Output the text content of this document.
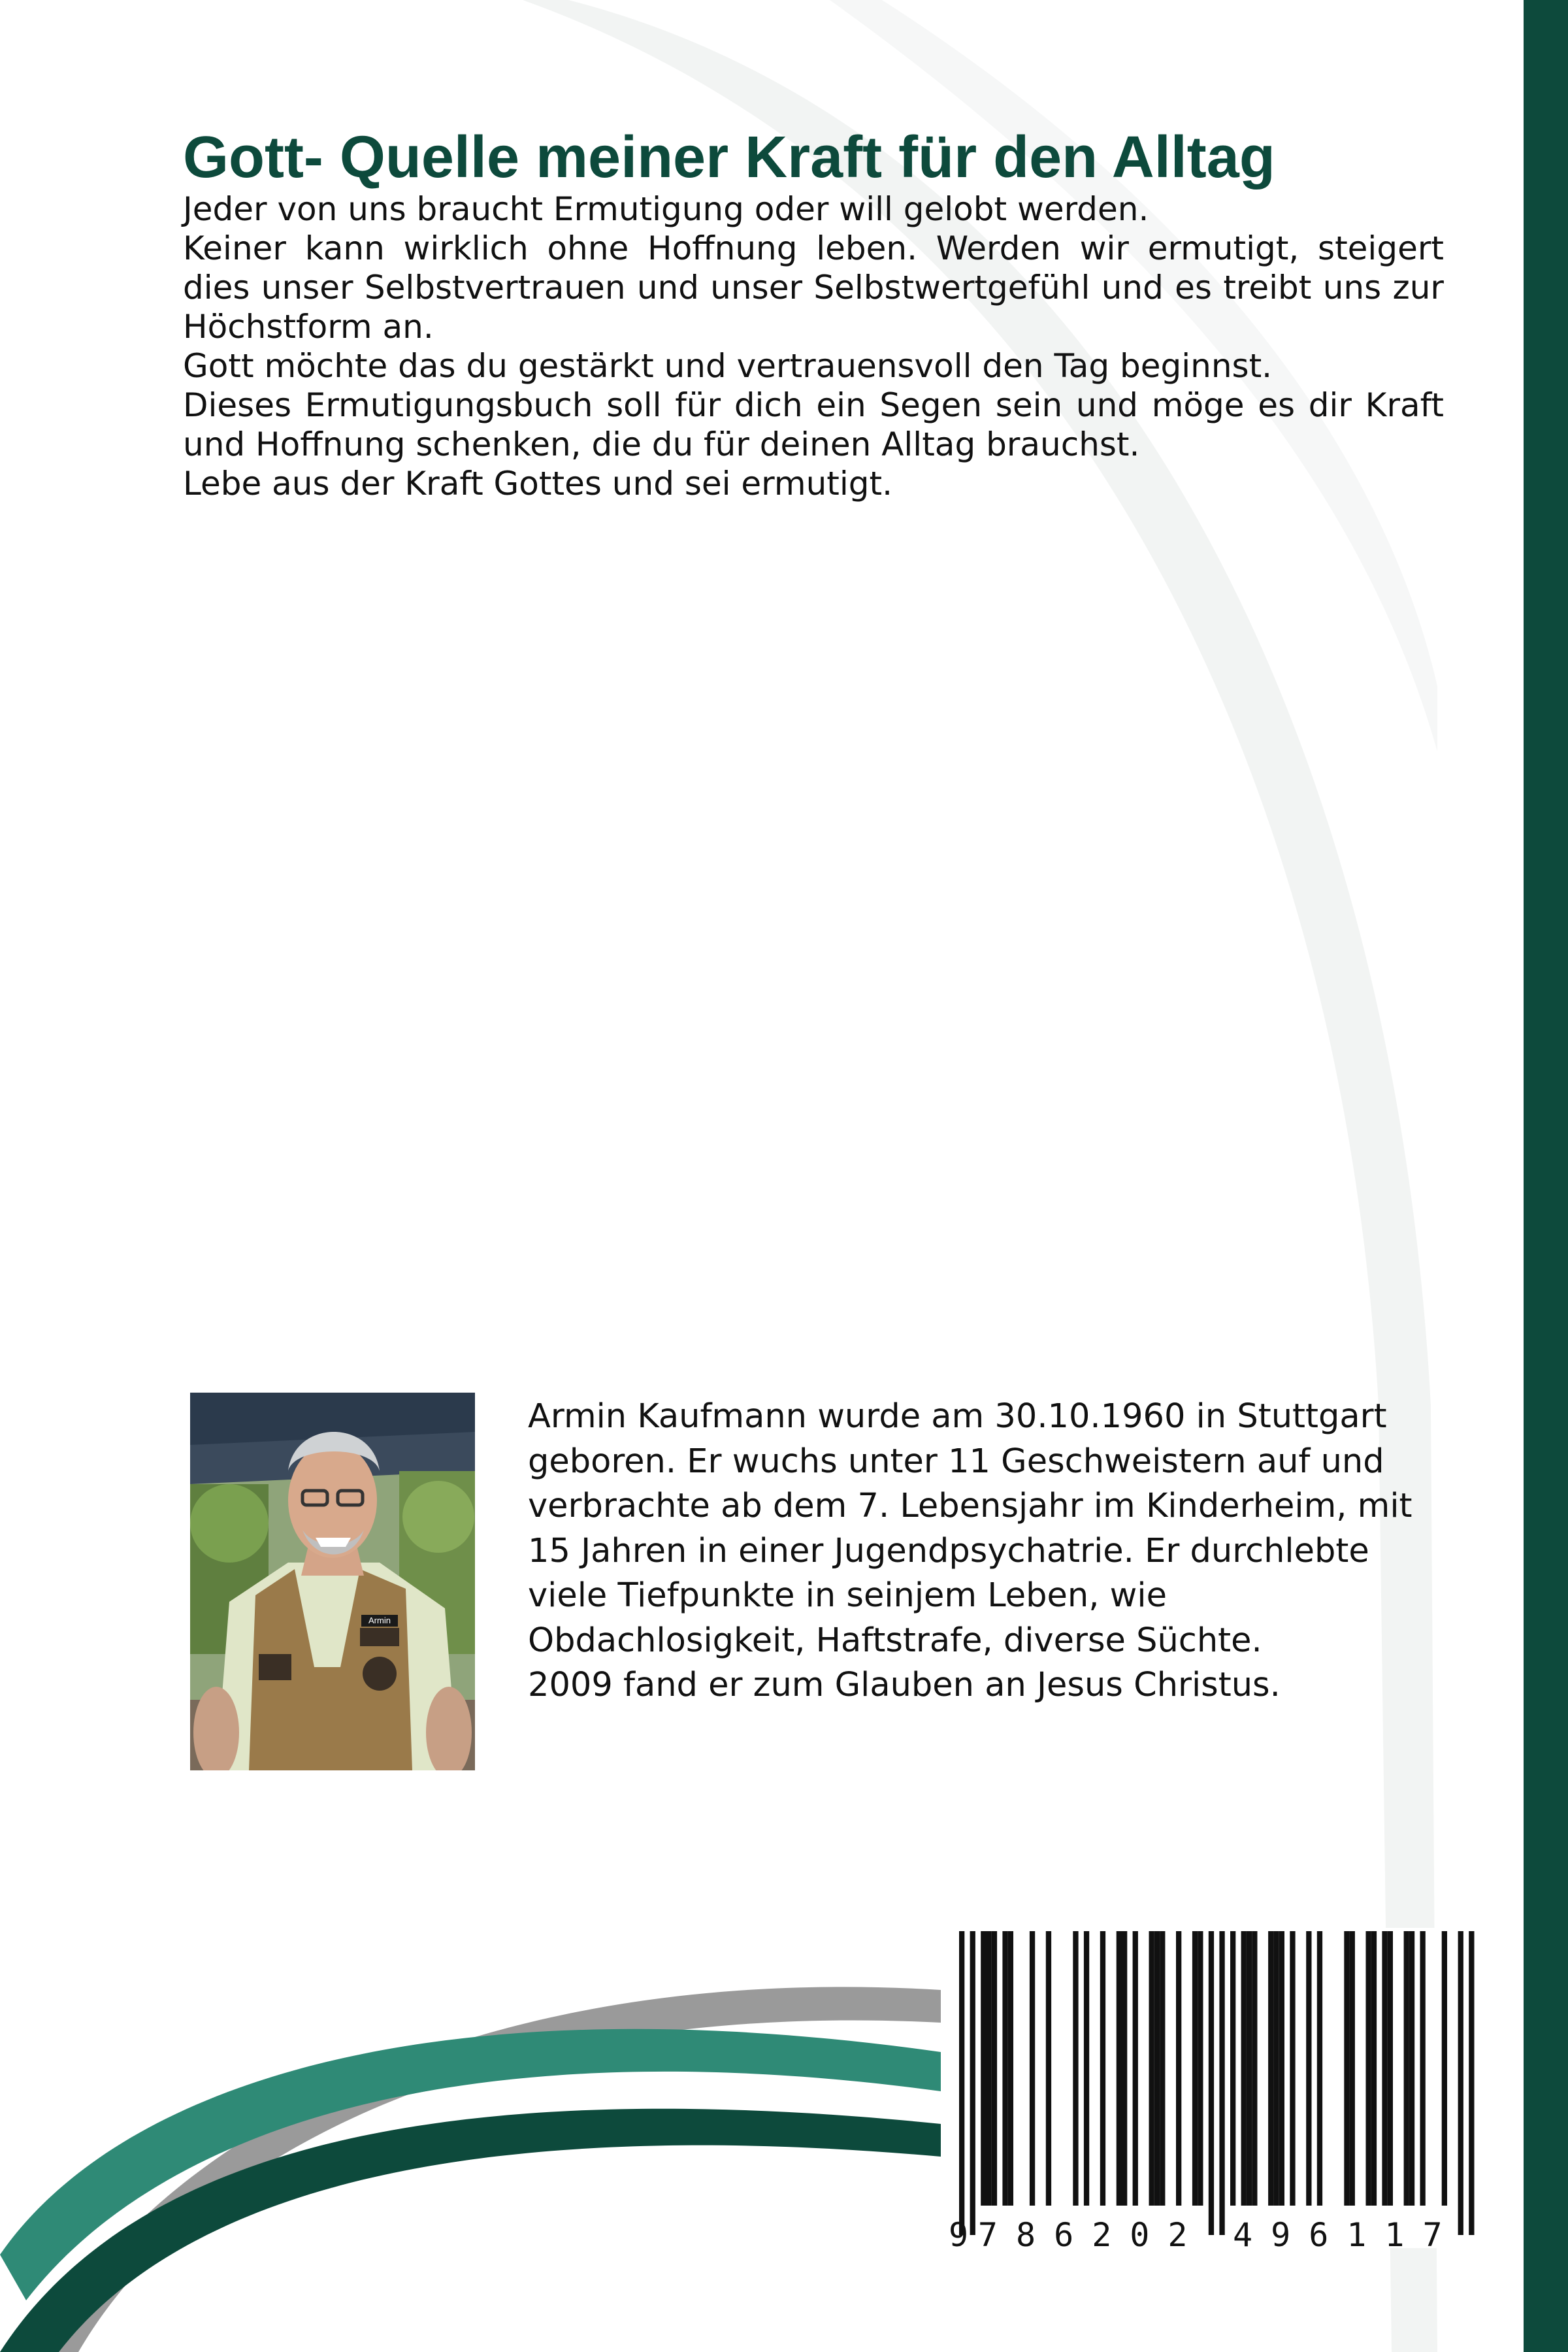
Gott- Quelle meiner Kraft für den Alltag

Jeder von uns braucht Ermutigung oder will gelobt werden.

Keiner kann wirklich ohne Hoffnung leben. Werden wir ermutigt, steigert dies unser Selbstvertrauen und unser Selbstwertgefühl und es treibt uns zur Höchstform an.

Gott möchte das du gestärkt und vertrauensvoll den Tag beginnst.

Dieses Ermutigungsbuch soll für dich ein Segen sein und möge es dir Kraft und Hoffnung schenken, die du für deinen Alltag brauchst.

Lebe aus der Kraft Gottes und sei ermutigt.

Armin

Armin Kaufmann wurde am 30.10.1960 in Stuttgart

geboren. Er wuchs unter 11 Geschweistern auf und

verbrachte ab dem 7. Lebensjahr im Kinderheim, mit

15 Jahren in einer Jugendpsychatrie. Er durchlebte

viele Tiefpunkte in seinjem Leben, wie

Obdachlosigkeit, Haftstrafe, diverse Süchte.

2009 fand er zum Glauben an Jesus Christus.

9 7 8 6 2 0 2 4 9 6 1 1 7
